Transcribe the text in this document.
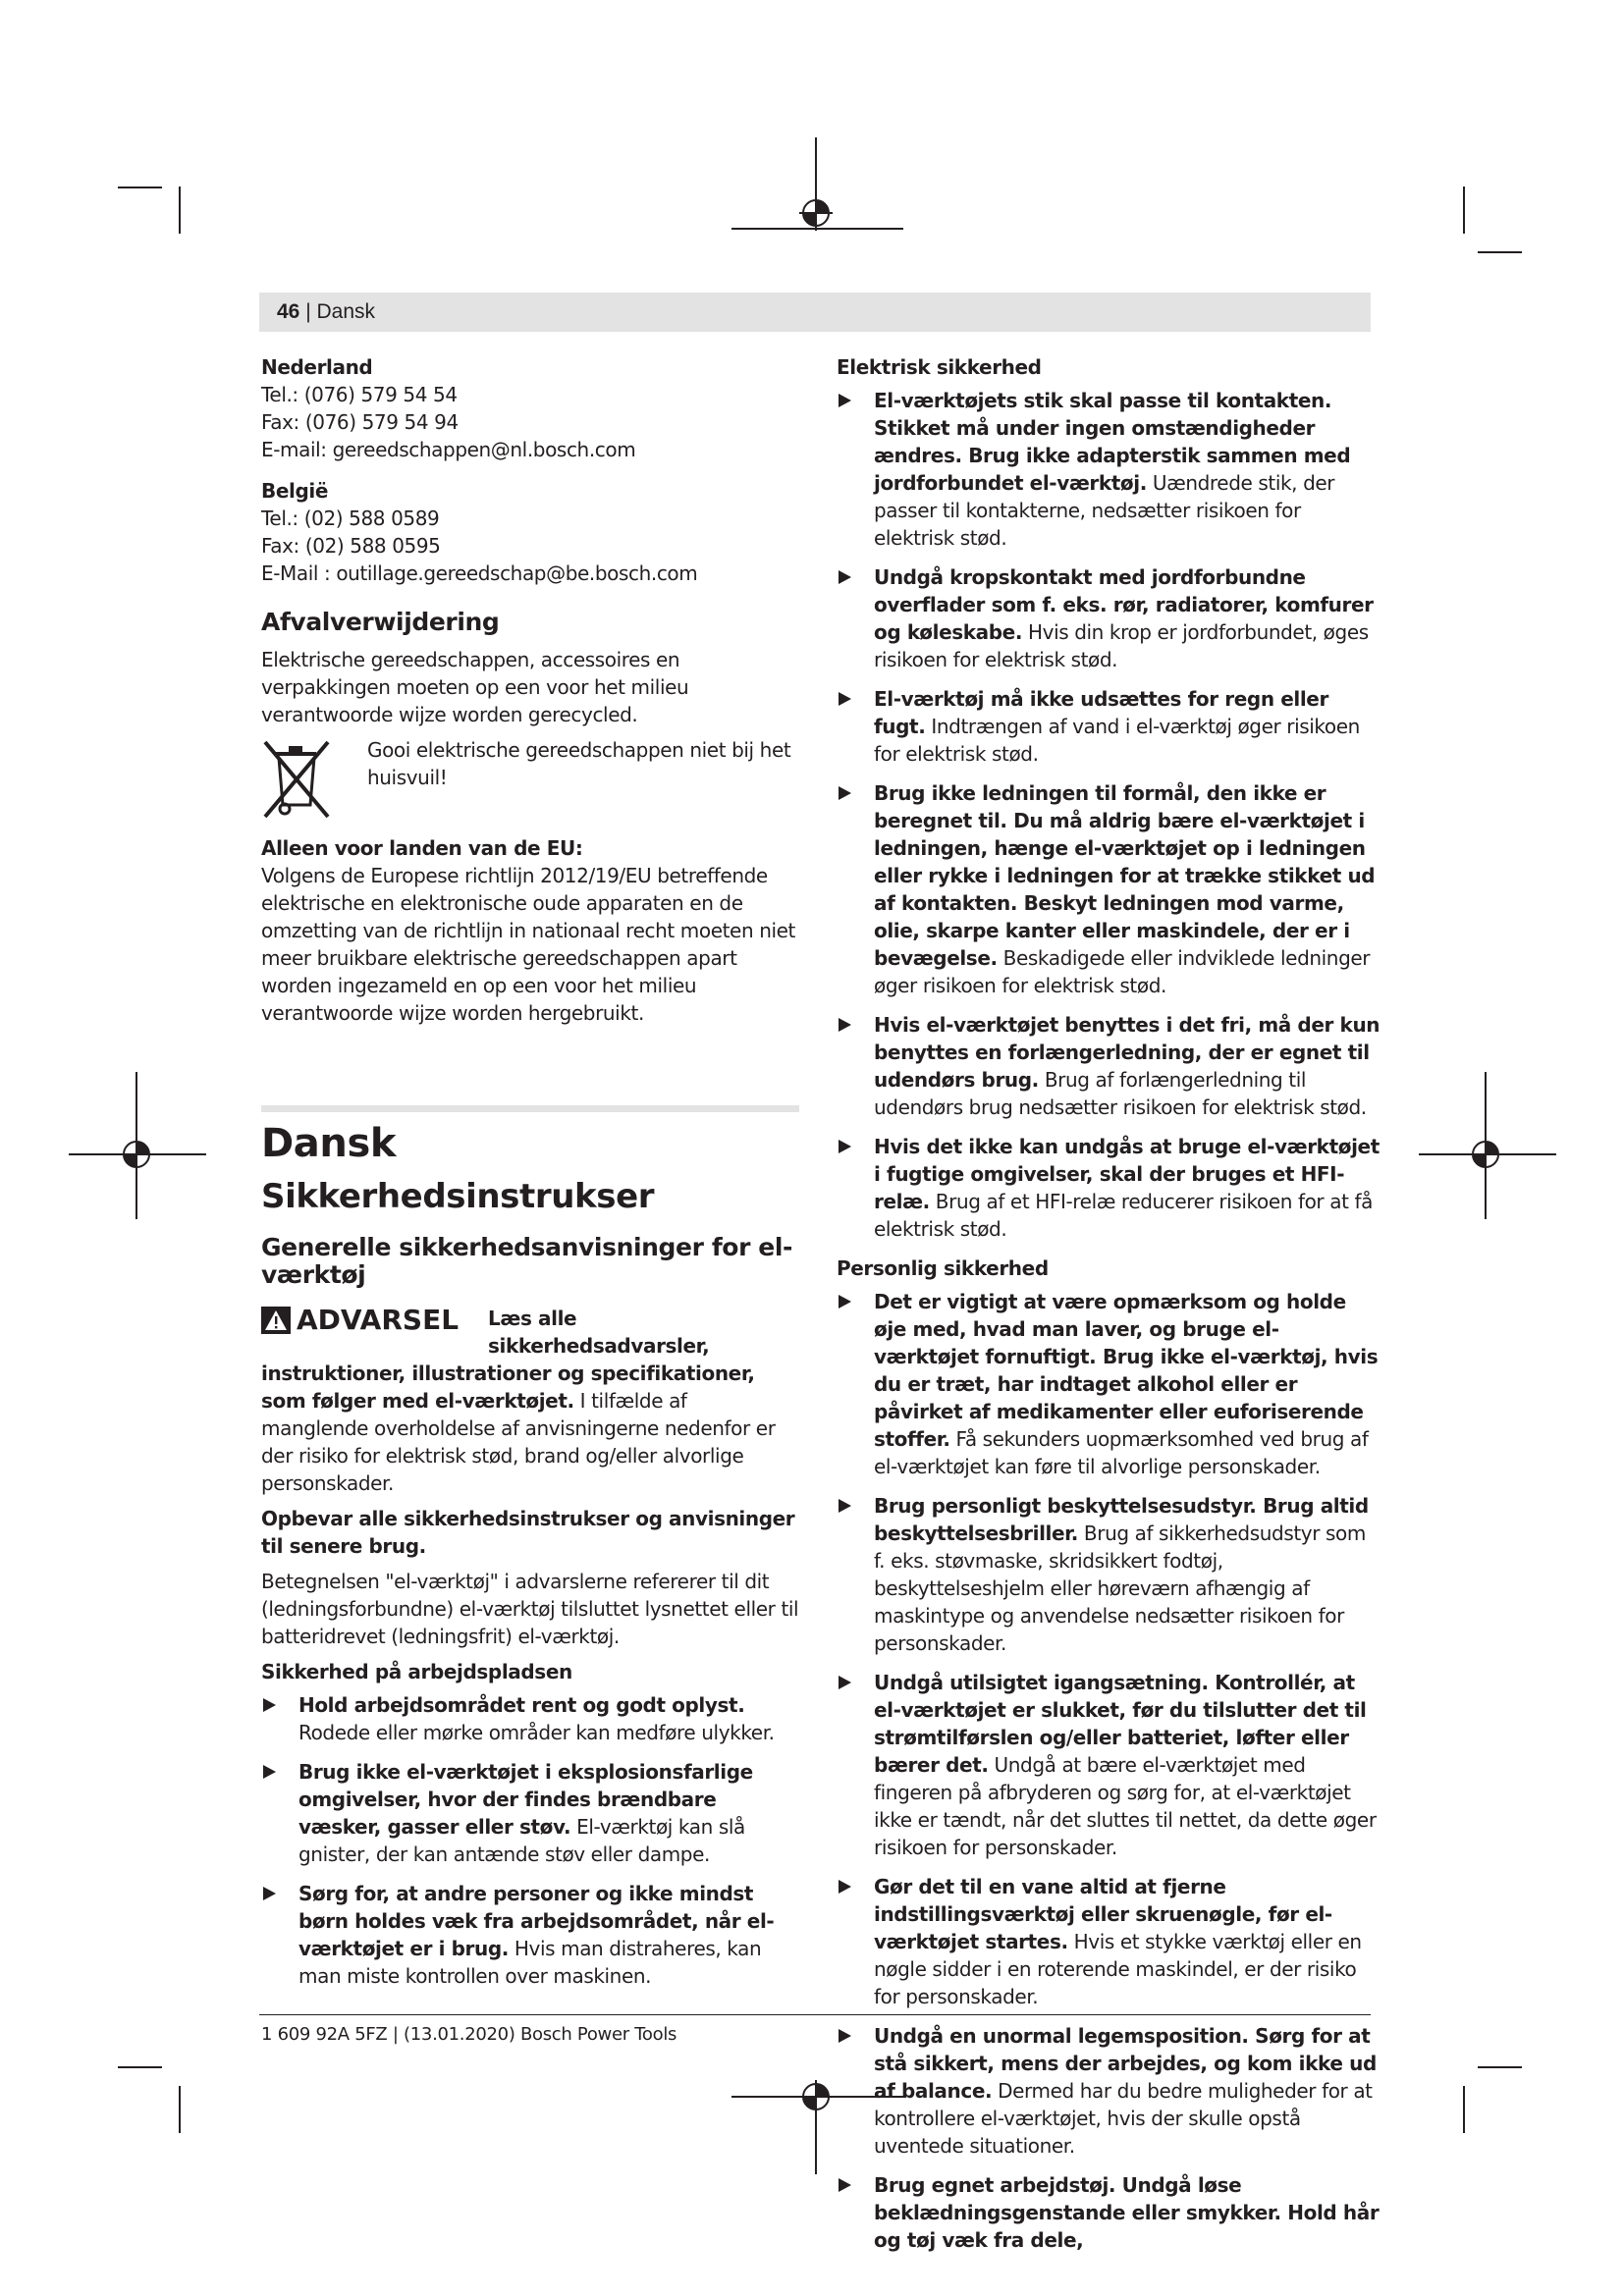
46 | Dansk
Nederland
Tel.: (076) 579 54 54
Fax: (076) 579 54 94
E-mail: gereedschappen@nl.bosch.com
België
Tel.: (02) 588 0589
Fax: (02) 588 0595
E-Mail : outillage.gereedschap@be.bosch.com
Afvalverwijdering

Elektrische gereedschappen, accessoires en verpakkingen moeten op een voor het milieu verantwoorde wijze worden gerecycled.

Gooi elektrische gereedschappen niet bij het huisvuil!
Alleen voor landen van de EU:

Volgens de Europese richtlijn 2012/19/EU betreffende elektrische en elektronische oude apparaten en de omzetting van de richtlijn in nationaal recht moeten niet meer bruikbare elektrische gereedschappen apart worden ingezameld en op een voor het milieu verantwoorde wijze worden hergebruikt.

Dansk
Sikkerhedsinstrukser
Generelle sikkerhedsanvisninger for el-værktøj

ADVARSEL Læs alle sikkerhedsadvarsler, instruktioner, illustrationer og specifikationer, som følger med el-værktøjet. I tilfælde af manglende overholdelse af anvisningerne nedenfor er der risiko for elektrisk stød, brand og/eller alvorlige personskader.

Opbevar alle sikkerhedsinstrukser og anvisninger til senere brug.

Betegnelsen "el-værktøj" i advarslerne refererer til dit (ledningsforbundne) el-værktøj tilsluttet lysnettet eller til batteridrevet (ledningsfrit) el-værktøj.

Sikkerhed på arbejdspladsen
Hold arbejdsområdet rent og godt oplyst. Rodede eller mørke områder kan medføre ulykker.
Brug ikke el-værktøjet i eksplosionsfarlige omgivelser, hvor der findes brændbare væsker, gasser eller støv. El-værktøj kan slå gnister, der kan antænde støv eller dampe.
Sørg for, at andre personer og ikke mindst børn holdes væk fra arbejdsområdet, når el-værktøjet er i brug. Hvis man distraheres, kan man miste kontrollen over maskinen.
Elektrisk sikkerhed
El-værktøjets stik skal passe til kontakten. Stikket må under ingen omstændigheder ændres. Brug ikke adapterstik sammen med jordforbundet el-værktøj. Uændrede stik, der passer til kontakterne, nedsætter risikoen for elektrisk stød.
Undgå kropskontakt med jordforbundne overflader som f. eks. rør, radiatorer, komfurer og køleskabe. Hvis din krop er jordforbundet, øges risikoen for elektrisk stød.
El-værktøj må ikke udsættes for regn eller fugt. Indtrængen af vand i el-værktøj øger risikoen for elektrisk stød.
Brug ikke ledningen til formål, den ikke er beregnet til. Du må aldrig bære el-værktøjet i ledningen, hænge el-værktøjet op i ledningen eller rykke i ledningen for at trække stikket ud af kontakten. Beskyt ledningen mod varme, olie, skarpe kanter eller maskindele, der er i bevægelse. Beskadigede eller indviklede ledninger øger risikoen for elektrisk stød.
Hvis el-værktøjet benyttes i det fri, må der kun benyttes en forlængerledning, der er egnet til udendørs brug. Brug af forlængerledning til udendørs brug nedsætter risikoen for elektrisk stød.
Hvis det ikke kan undgås at bruge el-værktøjet i fugtige omgivelser, skal der bruges et HFI-relæ. Brug af et HFI-relæ reducerer risikoen for at få elektrisk stød.
Personlig sikkerhed
Det er vigtigt at være opmærksom og holde øje med, hvad man laver, og bruge el-værktøjet fornuftigt. Brug ikke el-værktøj, hvis du er træt, har indtaget alkohol eller er påvirket af medikamenter eller euforiserende stoffer. Få sekunders uopmærksomhed ved brug af el-værktøjet kan føre til alvorlige personskader.
Brug personligt beskyttelsesudstyr. Brug altid beskyttelsesbriller. Brug af sikkerhedsudstyr som f. eks. støvmaske, skridsikkert fodtøj, beskyttelseshjelm eller høreværn afhængig af maskintype og anvendelse nedsætter risikoen for personskader.
Undgå utilsigtet igangsætning. Kontrollér, at el-værktøjet er slukket, før du tilslutter det til strømtilførslen og/eller batteriet, løfter eller bærer det. Undgå at bære el-værktøjet med fingeren på afbryderen og sørg for, at el-værktøjet ikke er tændt, når det sluttes til nettet, da dette øger risikoen for personskader.
Gør det til en vane altid at fjerne indstillingsværktøj eller skruenøgle, før el-værktøjet startes. Hvis et stykke værktøj eller en nøgle sidder i en roterende maskindel, er der risiko for personskader.
Undgå en unormal legemsposition. Sørg for at stå sikkert, mens der arbejdes, og kom ikke ud af balance. Dermed har du bedre muligheder for at kontrollere el-værktøjet, hvis der skulle opstå uventede situationer.
Brug egnet arbejdstøj. Undgå løse beklædningsgenstande eller smykker. Hold hår og tøj væk fra dele,
1 609 92A 5FZ | (13.01.2020) Bosch Power Tools
